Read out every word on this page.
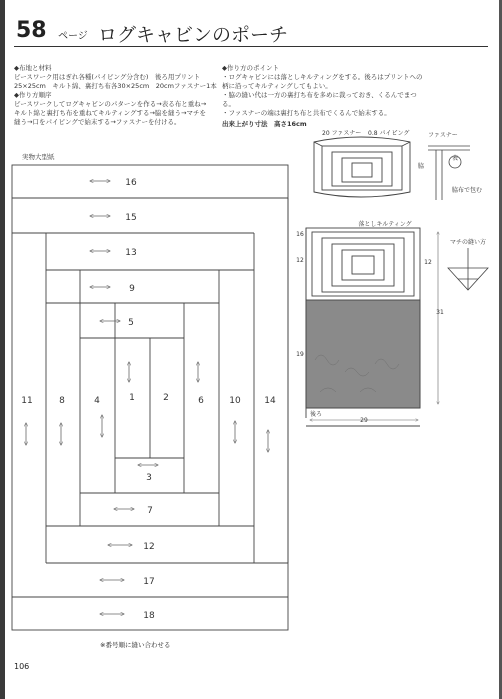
58 ページ ログキャビンのポーチ
◆布地と材料
ピースワーク用はぎれ各種(パイピング分含む)　後ろ用プリント
25×25cm　キルト綿、裏打ち布各30×25cm　20cmファスナー1本
◆作り方順序
ピースワークしてログキャビンのパターンを作る→表る布と重ね→
キルト綿と裏打ち布を重ねてキルティングする→脇を縫う→マチを
縫う→口をパイピングで始末する→ファスナーを付ける。
◆作り方のポイント
・ログキャビンには落としキルティングをする。後ろはプリントへの
柄に沿ってキルティングしてもよい。
・脇の縫い代は一方の裏打ち布を多めに裁っておき、くるんでまつ
る。
・ファスナーの端は裏打ち布と共布でくるんで始末する。
出来上がり寸法　高さ16cm
実物大型紙
16
15
13
9
5
11	8	4	1	2	6	10	14
3
7
12
17
18
※番号順に縫い合わせる
20 ファスナー 0.8 パイピング	ファスナー
表
脇
脇布で包む
落としキルティング
16
12	12
31
19
29
後ろ
マチの縫い方
106
